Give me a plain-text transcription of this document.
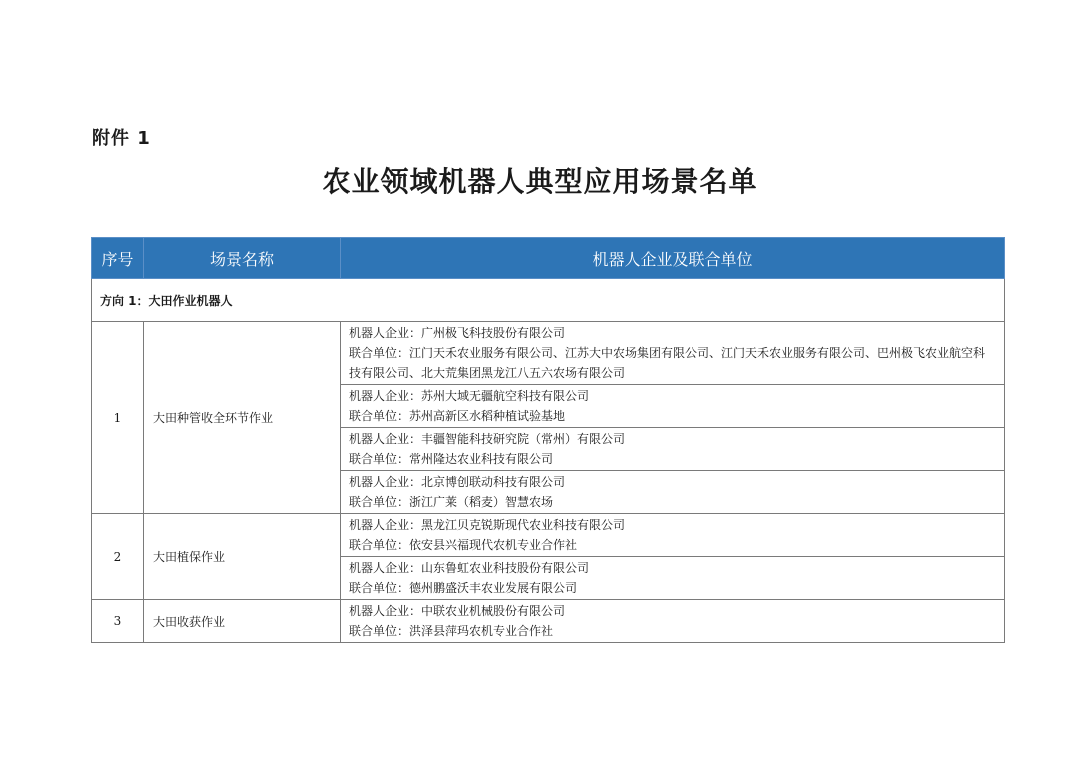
附件 1
农业领域机器人典型应用场景名单
序号	场景名称	机器人企业及联合单位
方向 1：大田作业机器人		
1	大田种管收全环节作业	机器人企业：广州极飞科技股份有限公司
联合单位：江门天禾农业服务有限公司、江苏大中农场集团有限公司、江门天禾农业服务有限公司、巴州极飞农业航空科技有限公司、北大荒集团黑龙江八五六农场有限公司

		机器人企业：苏州大域无疆航空科技有限公司
联合单位：苏州高新区水稻种植试验基地

		机器人企业：丰疆智能科技研究院（常州）有限公司
联合单位：常州隆达农业科技有限公司

		机器人企业：北京博创联动科技有限公司
联合单位：浙江广莱（稻麦）智慧农场

2	大田植保作业	机器人企业：黑龙江贝克锐斯现代农业科技有限公司
联合单位：依安县兴福现代农机专业合作社

		机器人企业：山东鲁虹农业科技股份有限公司
联合单位：德州鹏盛沃丰农业发展有限公司

3	大田收获作业	机器人企业：中联农业机械股份有限公司
联合单位：洪泽县萍玛农机专业合作社
